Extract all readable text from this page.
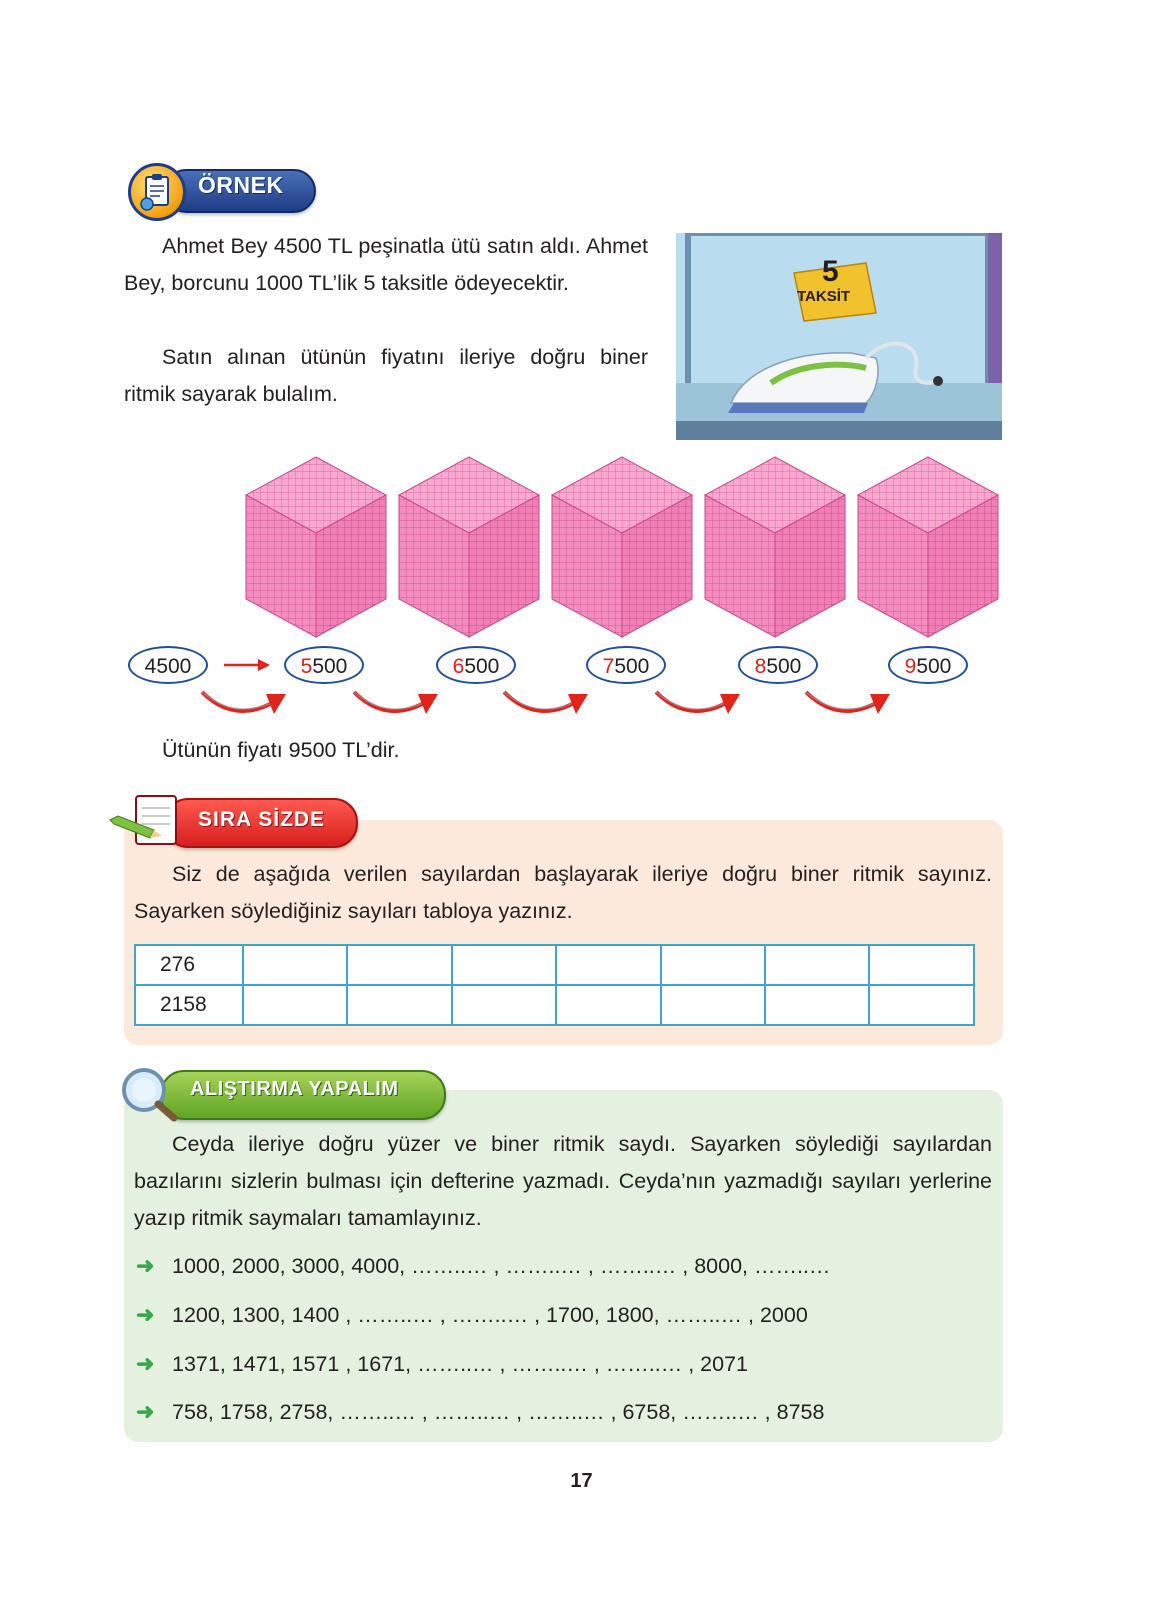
ÖRNEK

Ahmet Bey 4500 TL peşinatla ütü satın aldı. Ahmet Bey, borcunu 1000 TL’lik 5 taksitle ödeyecektir.

Satın alınan ütünün fiyatını ileriye doğru biner ritmik sayarak bulalım.

5
TAKSİT
4500	5500	6500	7500	8500	9500

Ütünün fiyatı 9500 TL’dir.

SIRA SİZDE

Siz de aşağıda verilen sayılardan başlayarak ileriye doğru biner ritmik sayınız. Sayarken söylediğiniz sayıları tabloya yazınız.

276							
2158							
ALIŞTIRMA YAPALIM

Ceyda ileriye doğru yüzer ve biner ritmik saydı. Sayarken söylediği sayılardan bazılarını sizlerin bulması için defterine yazmadı. Ceyda’nın yazmadığı sayıları yerlerine yazıp ritmik saymaları tamamlayınız.

➜ 1000, 2000, 3000, 4000, ……..… , ……..… , ……..… , 8000, ……..…
➜ 1200, 1300, 1400 , ……..… , ……..… , 1700, 1800, ……..… , 2000
➜ 1371, 1471, 1571 , 1671, ……..… , ……..… , ……..… , 2071
➜ 758, 1758, 2758, ……..… , ……..… , ……..… , 6758, ……..… , 8758
17
